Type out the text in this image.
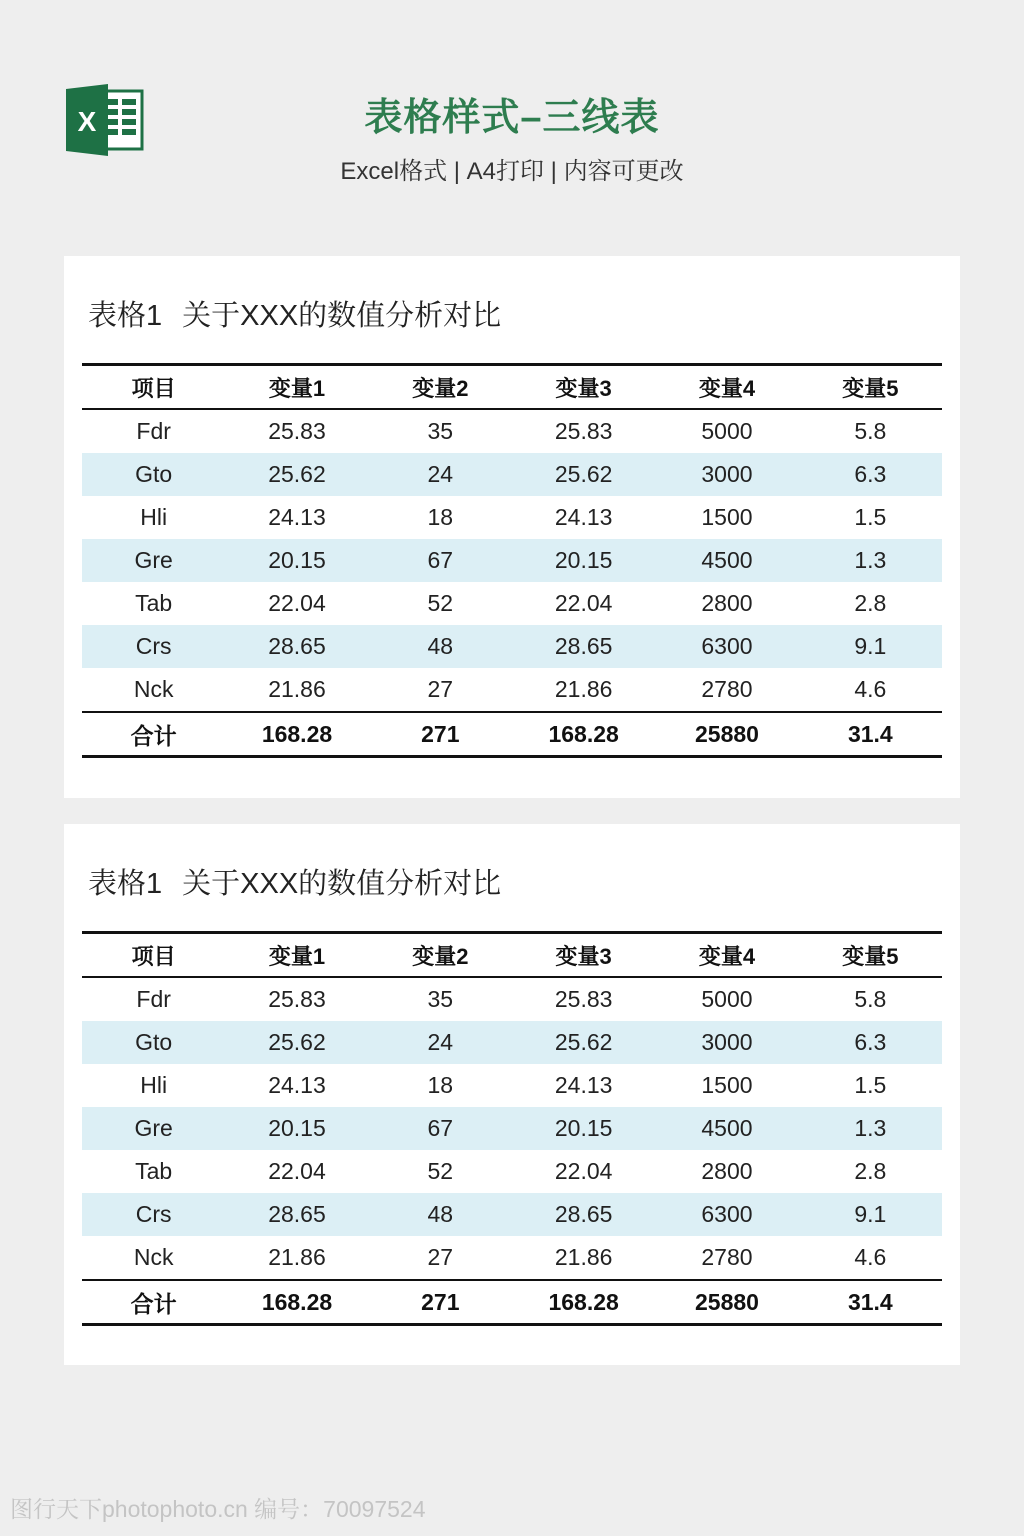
X	表格样式–三线表
Excel格式 | A4打印 | 内容可更改
表格1 关于XXX的数值分析对比
项目	变量1	变量2	变量3	变量4	变量5
Fdr	25.83	35	25.83	5000	5.8
Gto	25.62	24	25.62	3000	6.3
Hli	24.13	18	24.13	1500	1.5
Gre	20.15	67	20.15	4500	1.3
Tab	22.04	52	22.04	2800	2.8
Crs	28.65	48	28.65	6300	9.1
Nck	21.86	27	21.86	2780	4.6
合计	168.28	271	168.28	25880	31.4
表格1 关于XXX的数值分析对比
项目	变量1	变量2	变量3	变量4	变量5
Fdr	25.83	35	25.83	5000	5.8
Gto	25.62	24	25.62	3000	6.3
Hli	24.13	18	24.13	1500	1.5
Gre	20.15	67	20.15	4500	1.3
Tab	22.04	52	22.04	2800	2.8
Crs	28.65	48	28.65	6300	9.1
Nck	21.86	27	21.86	2780	4.6
合计	168.28	271	168.28	25880	31.4
图行天下photophoto.cn 编号：70097524
